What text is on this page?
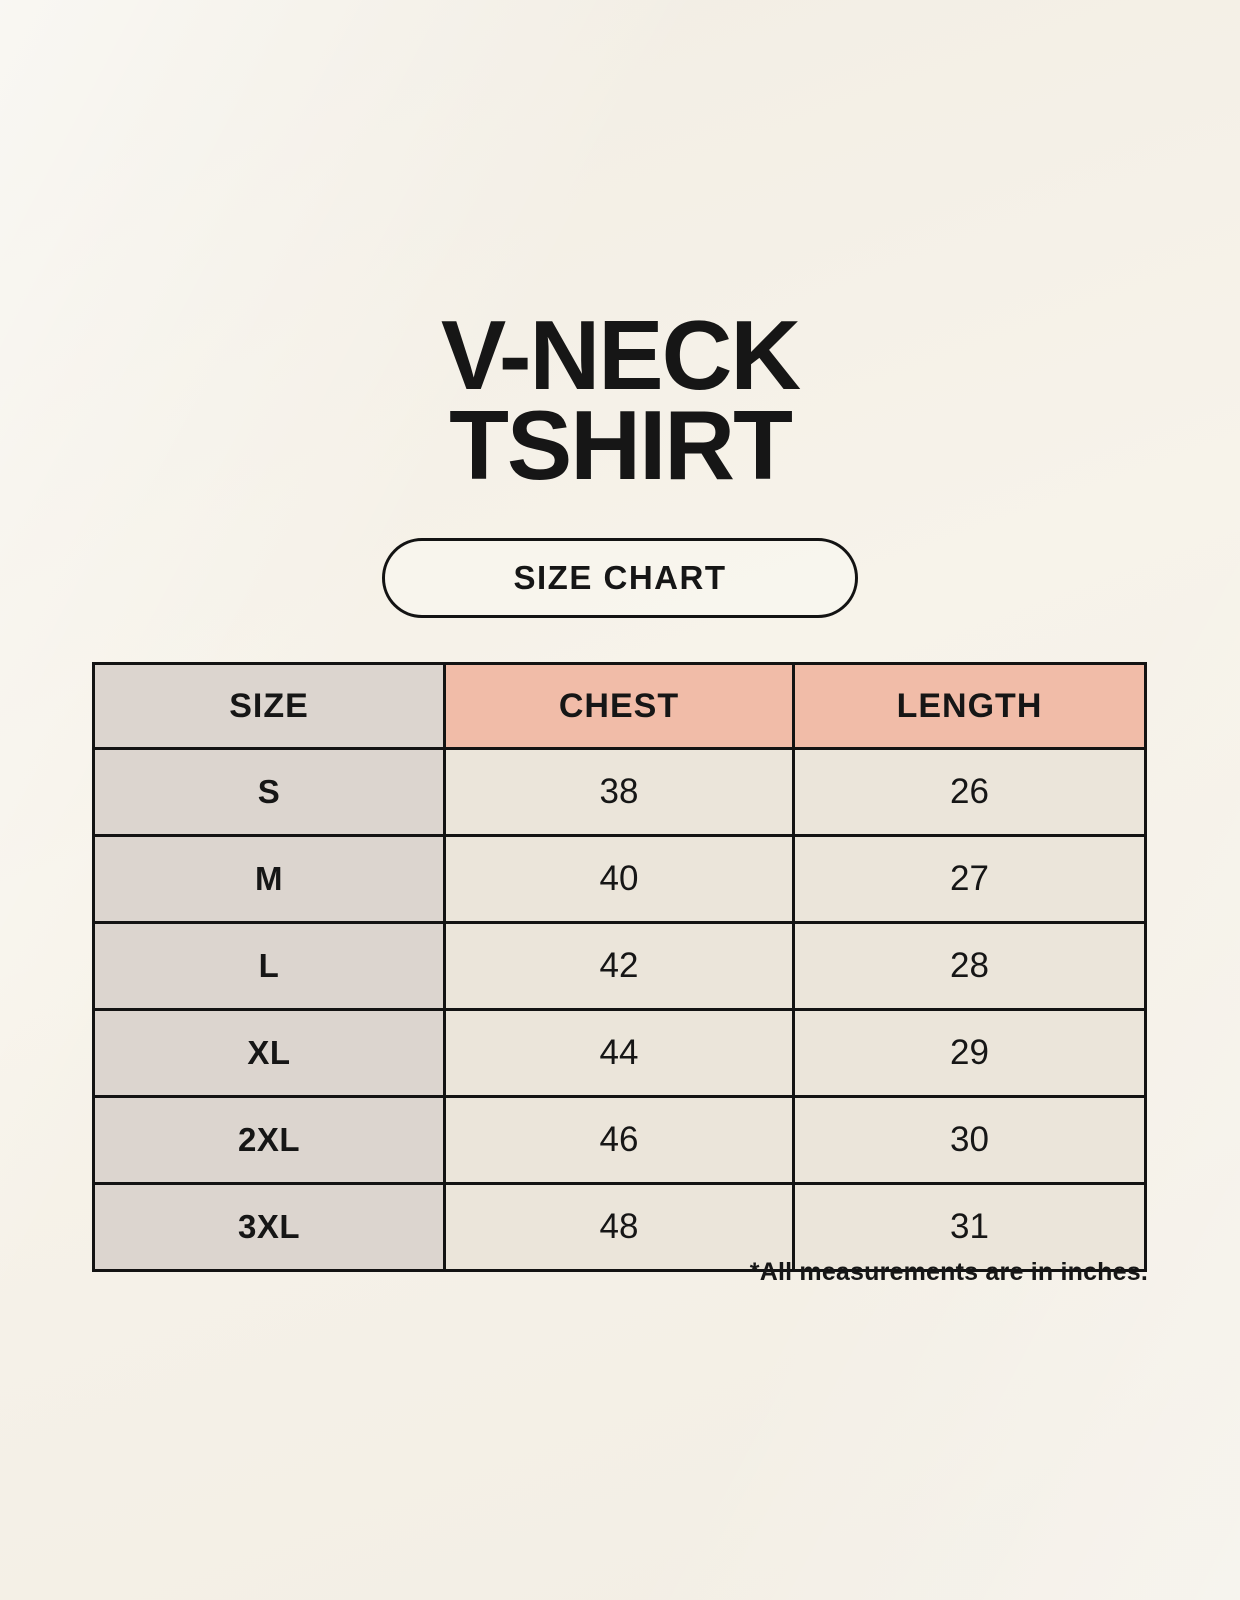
V-NECK
TSHIRT
SIZE CHART
SIZE	CHEST	LENGTH
S	38	26
M	40	27
L	42	28
XL	44	29
2XL	46	30
3XL	48	31
*All measurements are in inches.
